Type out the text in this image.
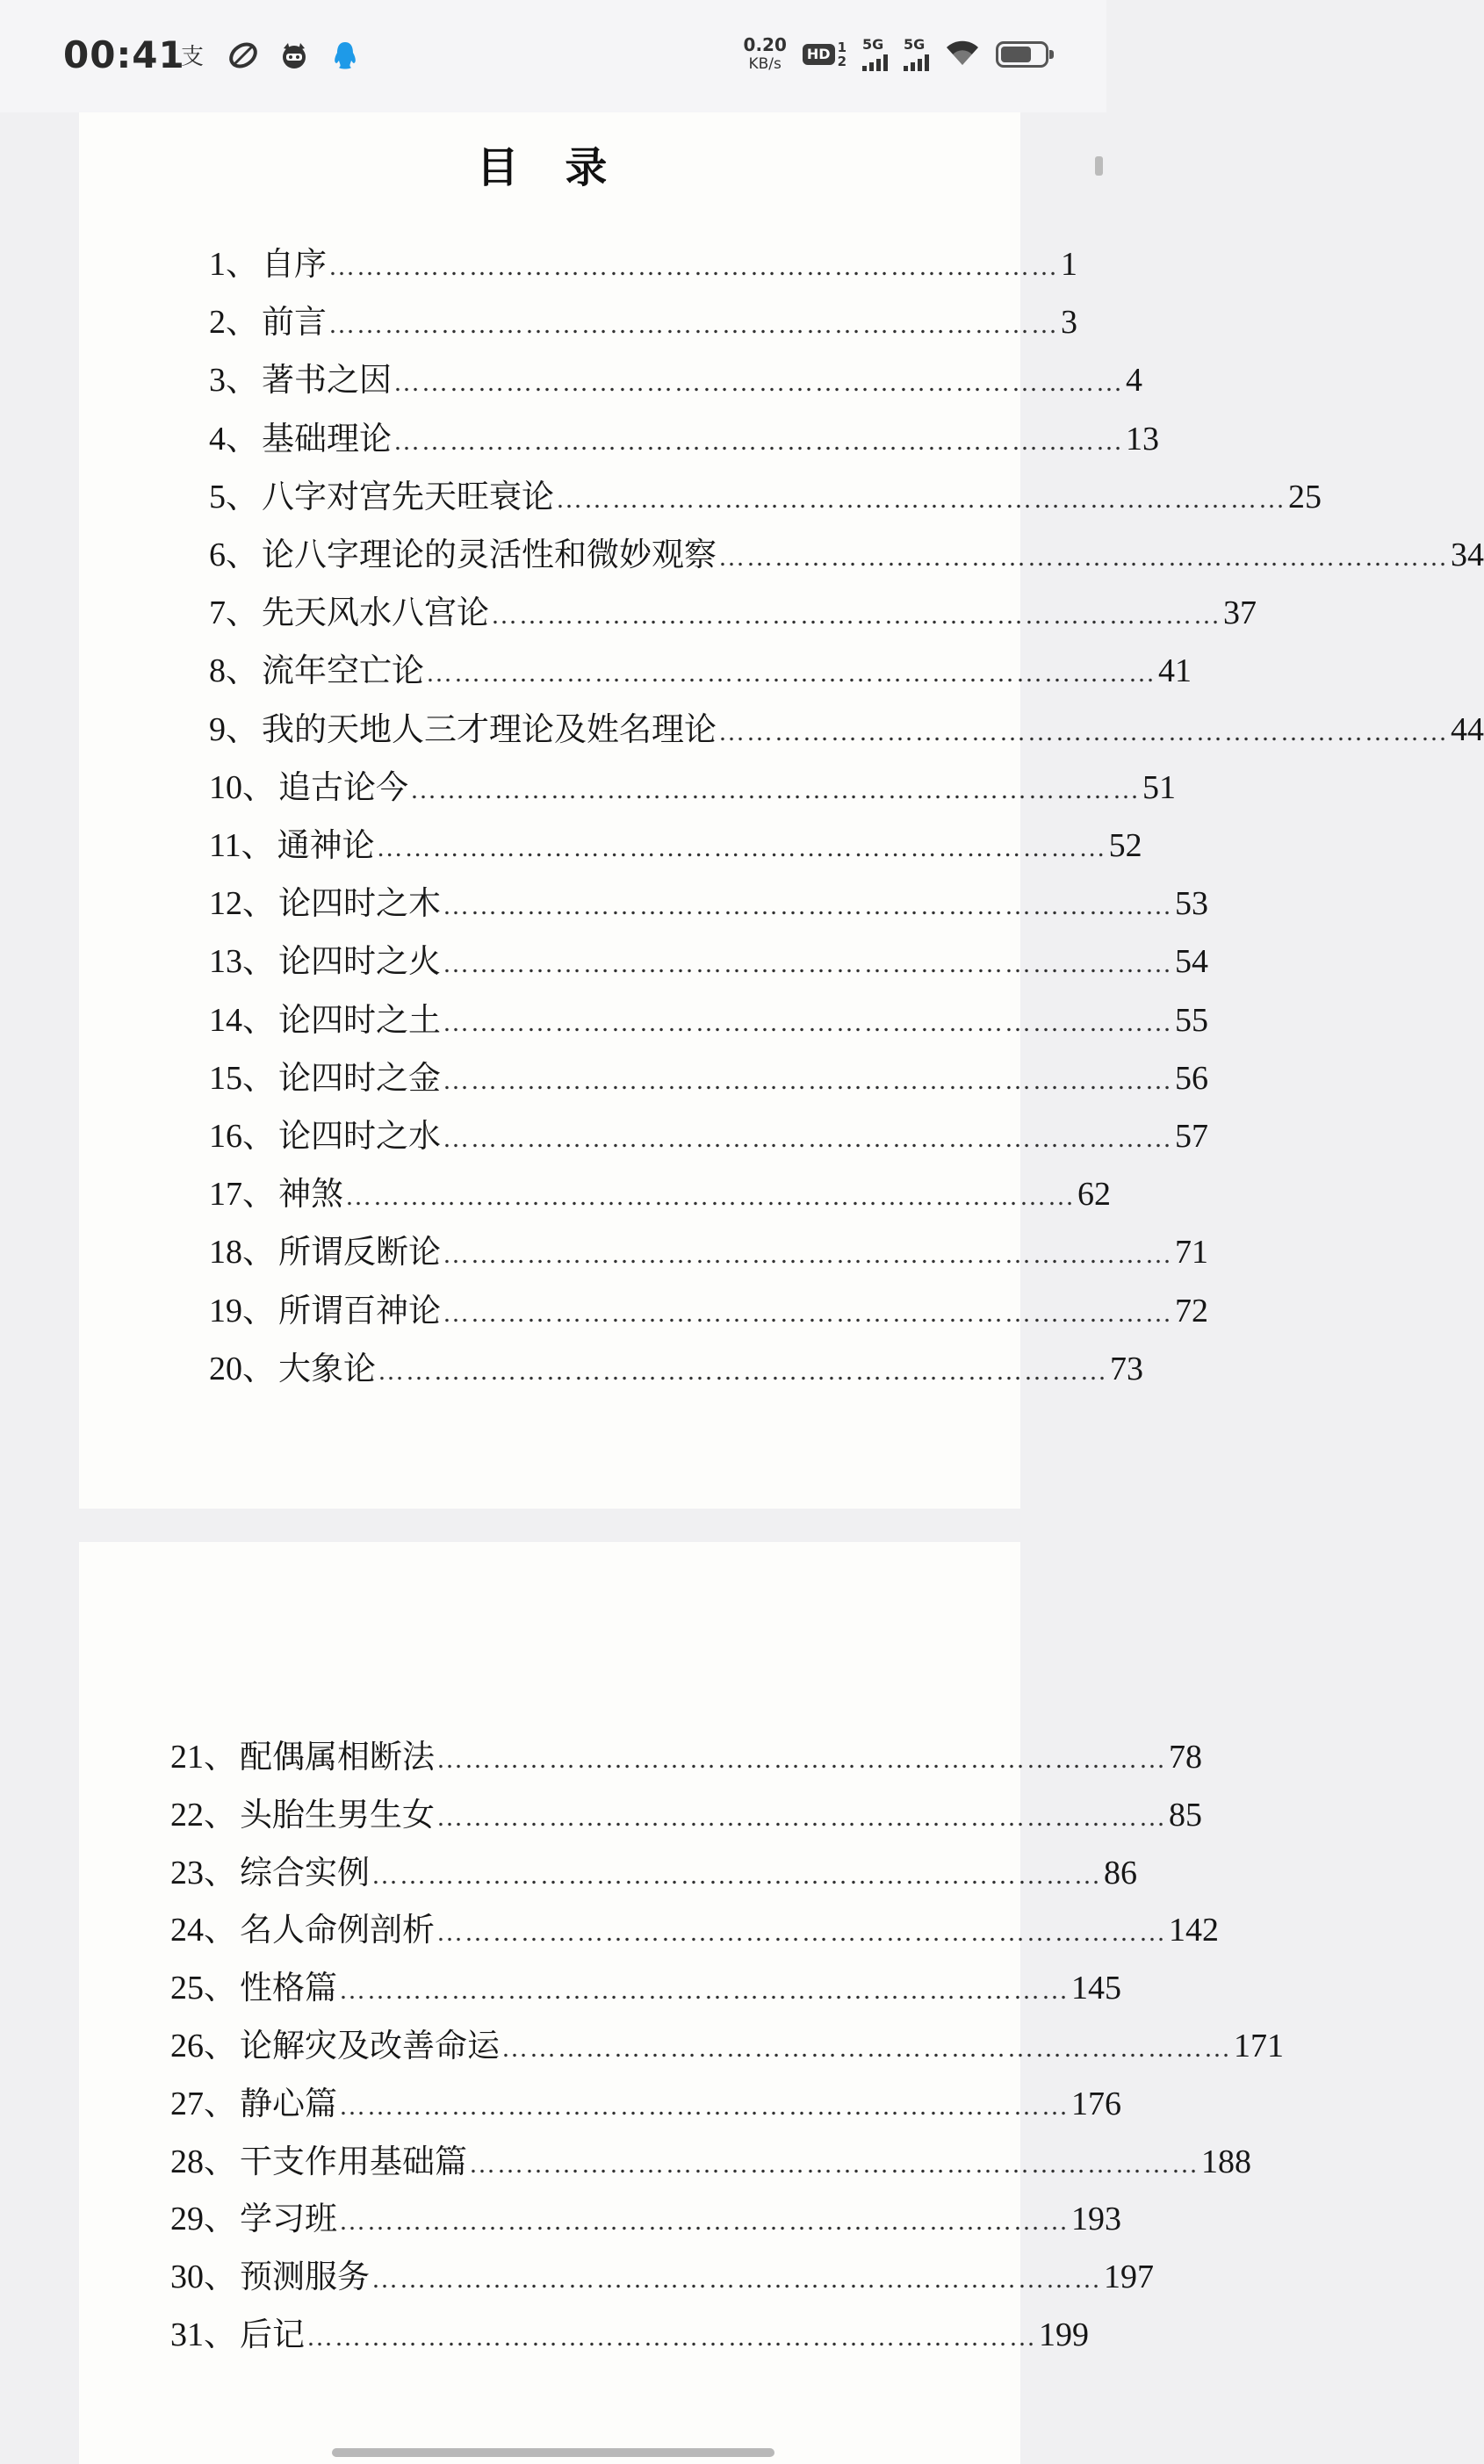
00:41
支	0.20
KB/s
HD 1
2
5G 5G
目 录
1 、 自序 …………………………………………………………………… 1
2 、 前言 …………………………………………………………………… 3
3 、 著书之因 …………………………………………………………………… 4
4 、 基础理论 …………………………………………………………………… 13
5 、 八字对宫先天旺衰论 …………………………………………………………………… 25
6 、 论八字理论的灵活性和微妙观察 …………………………………………………………………… 34
7 、 先天风水八宫论 …………………………………………………………………… 37
8 、 流年空亡论 …………………………………………………………………… 41
9 、 我的天地人三才理论及姓名理论 …………………………………………………………………… 44
10 、 追古论今 …………………………………………………………………… 51
11 、 通神论 …………………………………………………………………… 52
12 、 论四时之木 …………………………………………………………………… 53
13 、 论四时之火 …………………………………………………………………… 54
14 、 论四时之土 …………………………………………………………………… 55
15 、 论四时之金 …………………………………………………………………… 56
16 、 论四时之水 …………………………………………………………………… 57
17 、 神煞 …………………………………………………………………… 62
18 、 所谓反断论 …………………………………………………………………… 71
19 、 所谓百神论 …………………………………………………………………… 72
20 、 大象论 …………………………………………………………………… 73
21 、 配偶属相断法 …………………………………………………………………… 78
22 、 头胎生男生女 …………………………………………………………………… 85
23 、 综合实例 …………………………………………………………………… 86
24 、 名人命例剖析 …………………………………………………………………… 142
25 、 性格篇 …………………………………………………………………… 145
26 、 论解灾及改善命运 …………………………………………………………………… 171
27 、 静心篇 …………………………………………………………………… 176
28 、 干支作用基础篇 …………………………………………………………………… 188
29 、 学习班 …………………………………………………………………… 193
30 、 预测服务 …………………………………………………………………… 197
31 、 后记 …………………………………………………………………… 199
